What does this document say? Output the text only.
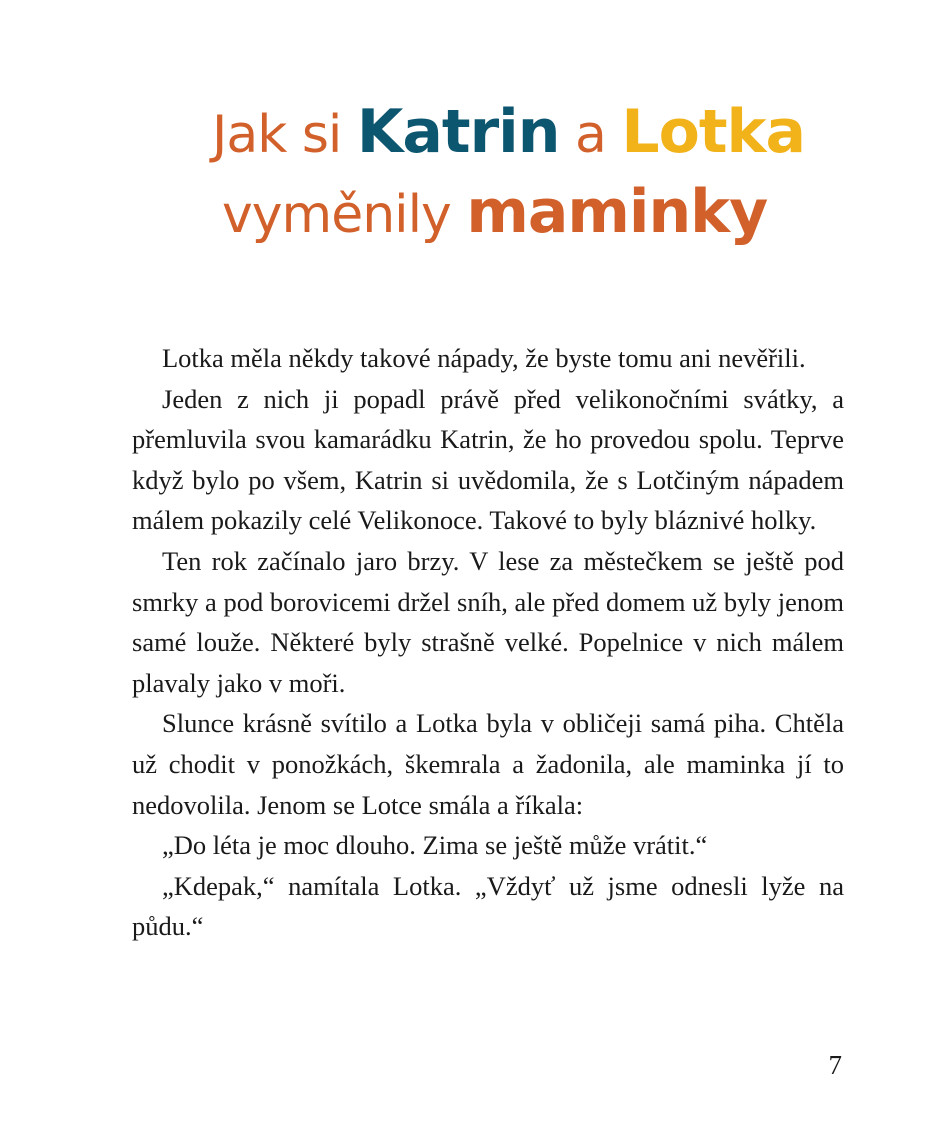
Jak si Katrin a Lotka
vyměnily maminky

Lotka měla někdy takové nápady, že byste tomu ani nevěřili.

Jeden z nich ji popadl právě před velikonočními svátky, a přemluvila svou kamarádku Katrin, že ho provedou spolu. Teprve když bylo po všem, Katrin si uvědomila, že s Lotčiným nápadem málem pokazily celé Velikonoce. Takové to byly bláznivé holky.

Ten rok začínalo jaro brzy. V lese za městečkem se ještě pod smrky a pod borovicemi držel sníh, ale před domem už byly jenom samé louže. Některé byly strašně velké. Popelnice v nich málem plavaly jako v moři.

Slunce krásně svítilo a Lotka byla v obličeji samá piha. Chtěla už chodit v ponožkách, škemrala a žadonila, ale maminka jí to nedovolila. Jenom se Lotce smála a říkala:

„Do léta je moc dlouho. Zima se ještě může vrátit.“

„Kdepak,“ namítala Lotka. „Vždyť už jsme odnesli lyže na půdu.“

7
